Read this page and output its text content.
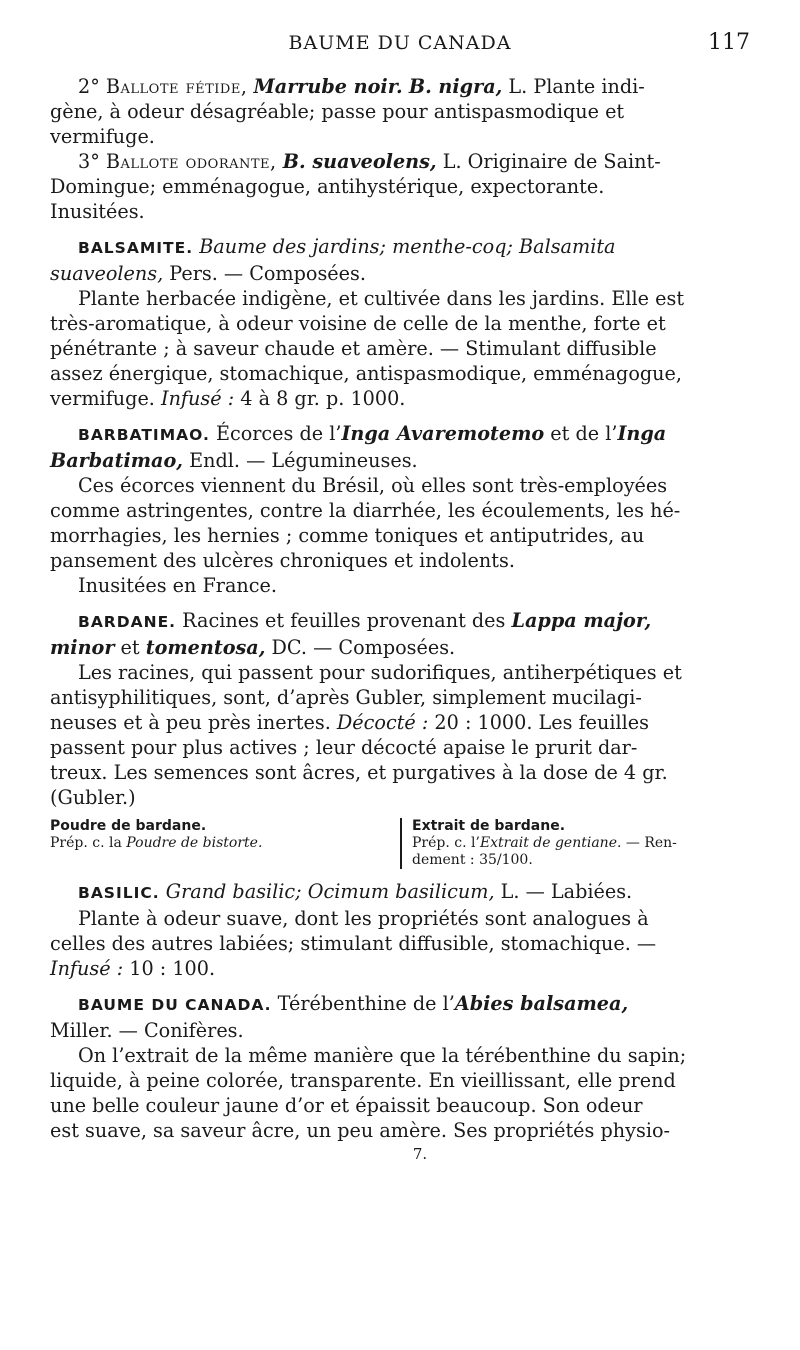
BAUME DU CANADA	117

2° Ballote fétide, Marrube noir. B. nigra, L. Plante indi-

gène, à odeur désagréable; passe pour antispasmodique et

vermifuge.

3° Ballote odorante, B. suaveolens, L. Originaire de Saint-

Domingue; emménagogue, antihystérique, expectorante.

Inusitées.

BALSAMITE. Baume des jardins; menthe-coq; Balsamita

suaveolens, Pers. — Composées.

Plante herbacée indigène, et cultivée dans les jardins. Elle est

très-aromatique, à odeur voisine de celle de la menthe, forte et

pénétrante ; à saveur chaude et amère. — Stimulant diffusible

assez énergique, stomachique, antispasmodique, emménagogue,

vermifuge. Infusé : 4 à 8 gr. p. 1000.

BARBATIMAO. Écorces de l’Inga Avaremotemo et de l’Inga

Barbatimao, Endl. — Légumineuses.

Ces écorces viennent du Brésil, où elles sont très-employées

comme astringentes, contre la diarrhée, les écoulements, les hé-

morrhagies, les hernies ; comme toniques et antiputrides, au

pansement des ulcères chroniques et indolents.

Inusitées en France.

BARDANE. Racines et feuilles provenant des Lappa major,

minor et tomentosa, DC. — Composées.

Les racines, qui passent pour sudorifiques, antiherpétiques et

antisyphilitiques, sont, d’après Gubler, simplement mucilagi-

neuses et à peu près inertes. Décocté : 20 : 1000. Les feuilles

passent pour plus actives ; leur décocté apaise le prurit dar-

treux. Les semences sont âcres, et purgatives à la dose de 4 gr.

(Gubler.)

Poudre de bardane.
Prép. c. la Poudre de bistorte.
Extrait de bardane.
Prép. c. l’Extrait de gentiane. — Ren-
dement : 35/100.

BASILIC. Grand basilic; Ocimum basilicum, L. — Labiées.

Plante à odeur suave, dont les propriétés sont analogues à

celles des autres labiées; stimulant diffusible, stomachique. —

Infusé : 10 : 100.

BAUME DU CANADA. Térébenthine de l’Abies balsamea,

Miller. — Conifères.

On l’extrait de la même manière que la térébenthine du sapin;

liquide, à peine colorée, transparente. En vieillissant, elle prend

une belle couleur jaune d’or et épaissit beaucoup. Son odeur

est suave, sa saveur âcre, un peu amère. Ses propriétés physio-

7.
